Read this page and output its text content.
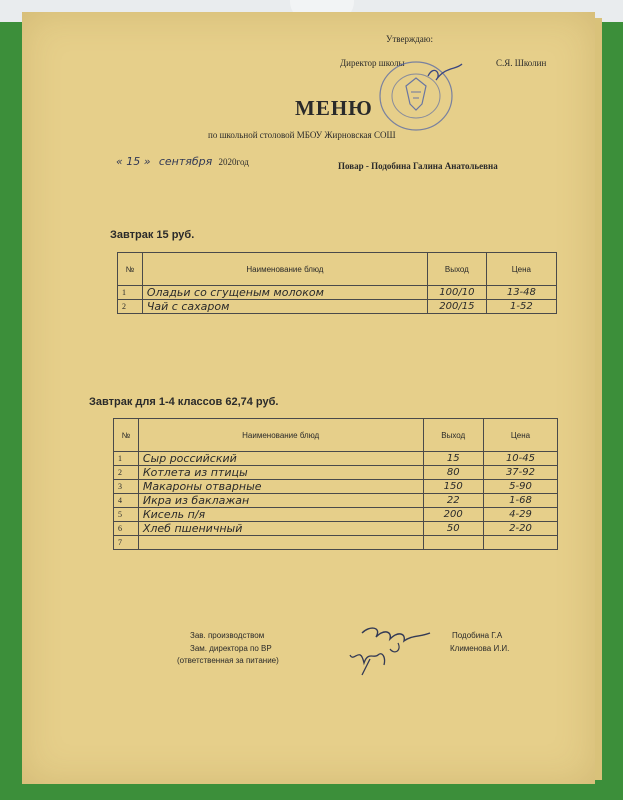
Утверждаю:
Директор школы	С.Я. Школин
МЕНЮ
по школьной столовой МБОУ Жирновская СОШ
« 15 » сентября 2020год	Повар - Подобина Галина Анатольевна
Завтрак 15 руб.
№	Наименование блюд	Выход	Цена
1	Оладьи со сгущеным молоком	100/10	13-48
2	Чай с сахаром	200/15	1-52
Завтрак для 1-4 классов 62,74 руб.
№	Наименование блюд	Выход	Цена
1	Сыр российский	15	10-45
2	Котлета из птицы	80	37-92
3	Макароны отварные	150	5-90
4	Икра из баклажан	22	1-68
5	Кисель п/я	200	4-29
6	Хлеб пшеничный	50	2-20
7			
Зав. производством
Зам. директора по ВР
(ответственная за питание)
Подобина Г.А
Клименова И.И.
